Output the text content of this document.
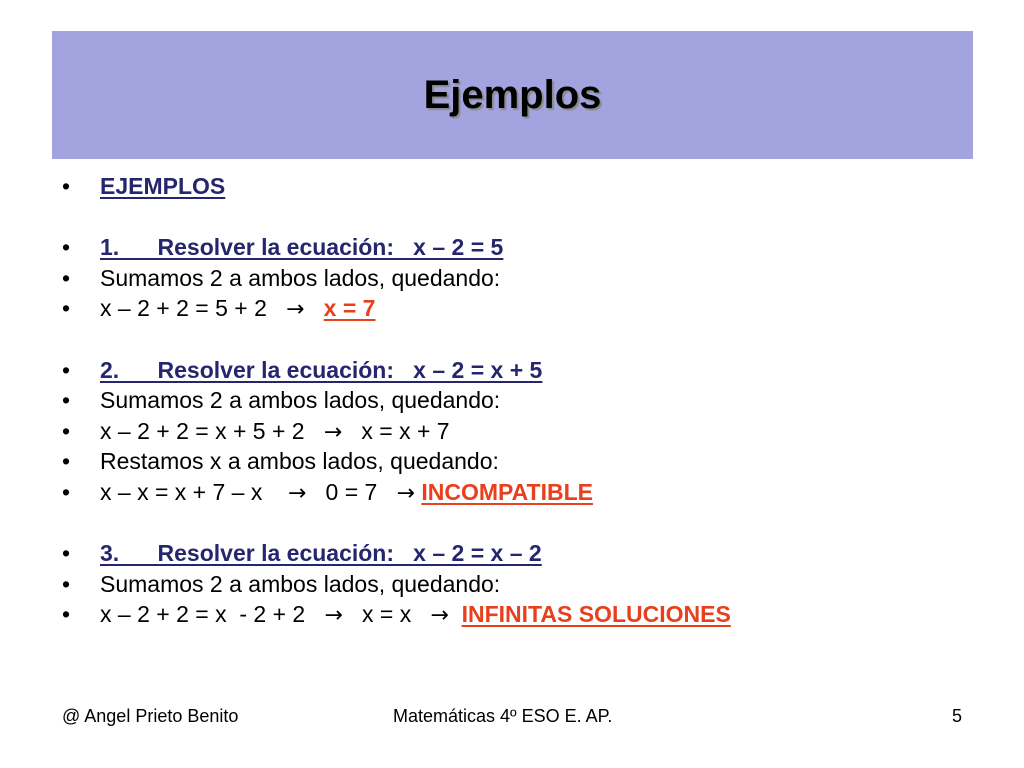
Ejemplos
•	EJEMPLOS
•	1.      Resolver la ecuación:   x – 2 = 5
•	Sumamos 2 a ambos lados, quedando:
•	x – 2 + 2 = 5 + 2   → x = 7
•	2.      Resolver la ecuación:   x – 2 = x + 5
•	Sumamos 2 a ambos lados, quedando:
•	x – 2 + 2 = x + 5 + 2   →   x = x + 7
•	Restamos x a ambos lados, quedando:
•	x – x = x + 7 – x    →   0 = 7   → INCOMPATIBLE
•	3.      Resolver la ecuación:   x – 2 = x – 2
•	Sumamos 2 a ambos lados, quedando:
•	x – 2 + 2 = x  - 2 + 2   →   x = x   → INFINITAS SOLUCIONES
@ Angel Prieto Benito	Matemáticas 4º ESO E. AP.	5
